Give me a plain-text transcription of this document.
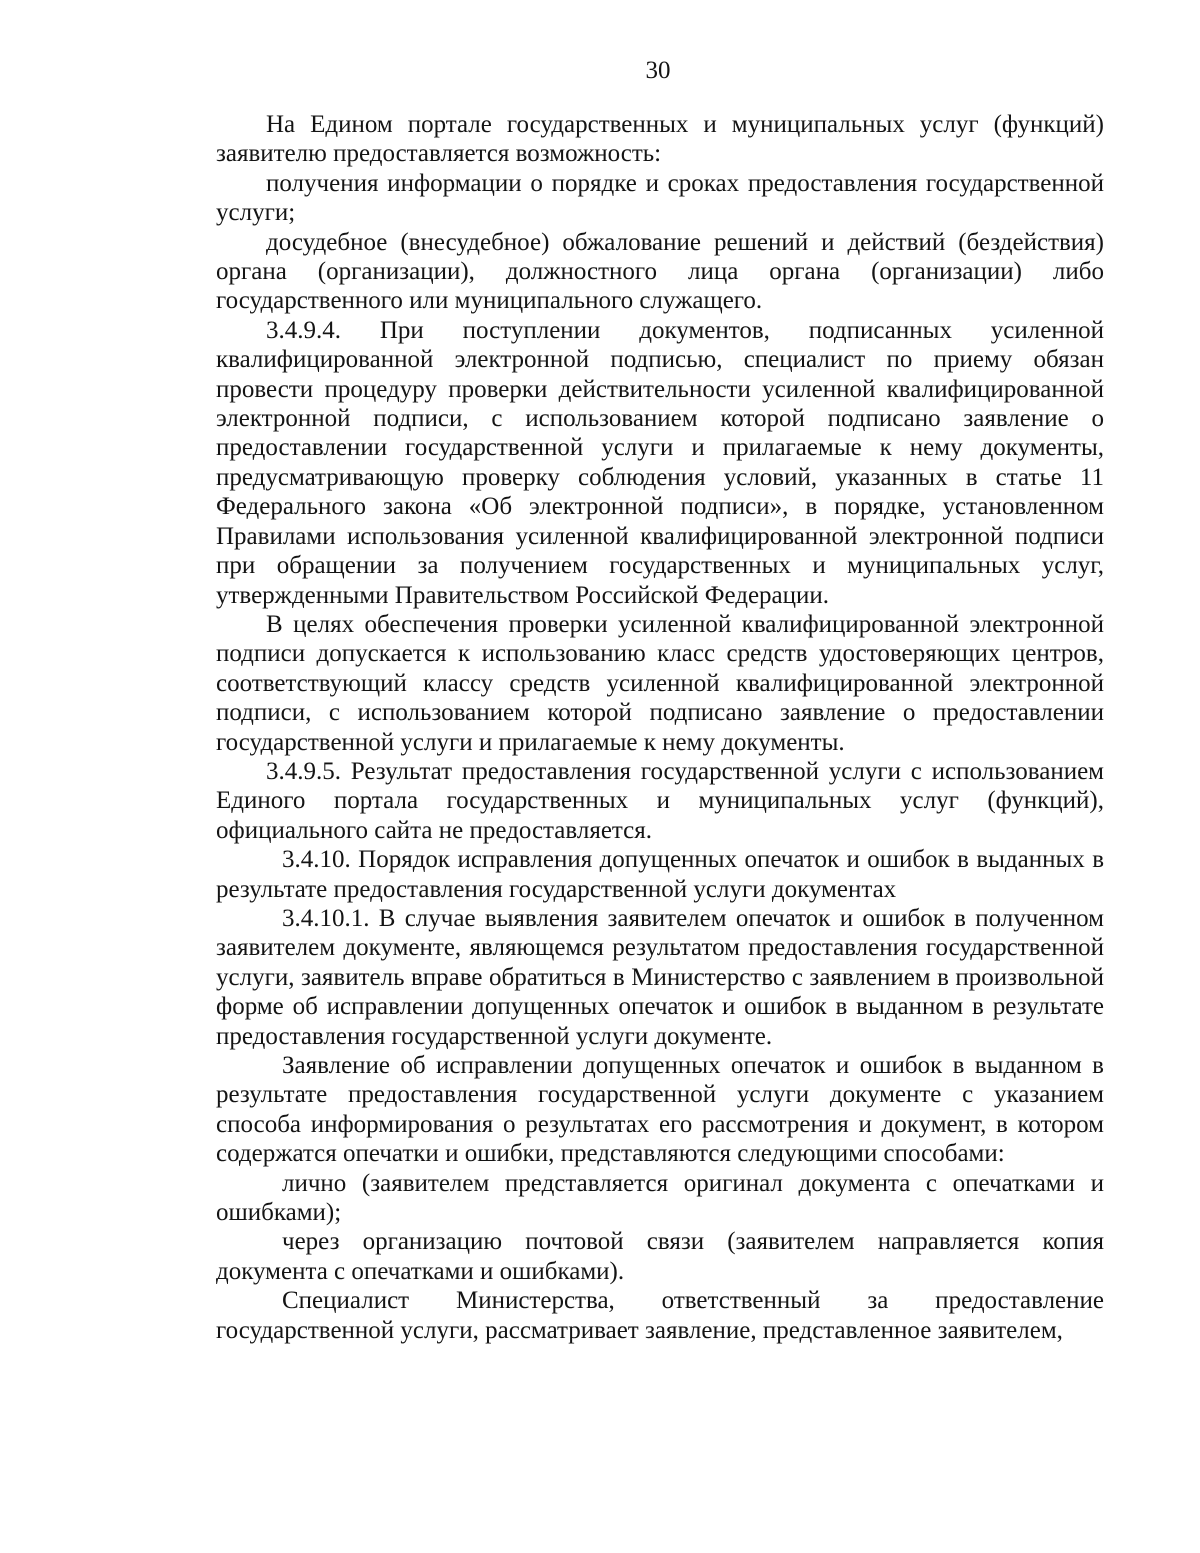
30

На Едином портале государственных и муниципальных услуг (функций) заявителю предоставляется возможность:

получения информации о порядке и сроках предоставления государственной услуги;

досудебное (внесудебное) обжалование решений и действий (бездействия) органа (организации), должностного лица органа (организации) либо государственного или муниципального служащего.

3.4.9.4. При поступлении документов, подписанных усиленной квалифицированной электронной подписью, специалист по приему обязан провести процедуру проверки действительности усиленной квалифицированной электронной подписи, с использованием которой подписано заявление о предоставлении государственной услуги и прилагаемые к нему документы, предусматривающую проверку соблюдения условий, указанных в статье 11 Федерального закона «Об электронной подписи», в порядке, установленном Правилами использования усиленной квалифицированной электронной подписи при обращении за получением государственных и муниципальных услуг, утвержденными Правительством Российской Федерации.

В целях обеспечения проверки усиленной квалифицированной электронной подписи допускается к использованию класс средств удостоверяющих центров, соответствующий классу средств усиленной квалифицированной электронной подписи, с использованием которой подписано заявление о предоставлении государственной услуги и прилагаемые к нему документы.

3.4.9.5. Результат предоставления государственной услуги с использованием Единого портала государственных и муниципальных услуг (функций), официального сайта не предоставляется.

3.4.10. Порядок исправления допущенных опечаток и ошибок в выданных в результате предоставления государственной услуги документах

3.4.10.1. В случае выявления заявителем опечаток и ошибок в полученном заявителем документе, являющемся результатом предоставления государственной услуги, заявитель вправе обратиться в Министерство с заявлением в произвольной форме об исправлении допущенных опечаток и ошибок в выданном в результате предоставления государственной услуги документе.

Заявление об исправлении допущенных опечаток и ошибок в выданном в результате предоставления государственной услуги документе с указанием способа информирования о результатах его рассмотрения и документ, в котором содержатся опечатки и ошибки, представляются следующими способами:

лично (заявителем представляется оригинал документа с опечатками и ошибками);

через организацию почтовой связи (заявителем направляется копия документа с опечатками и ошибками).

Специалист Министерства, ответственный за предоставление государственной услуги, рассматривает заявление, представленное заявителем,
